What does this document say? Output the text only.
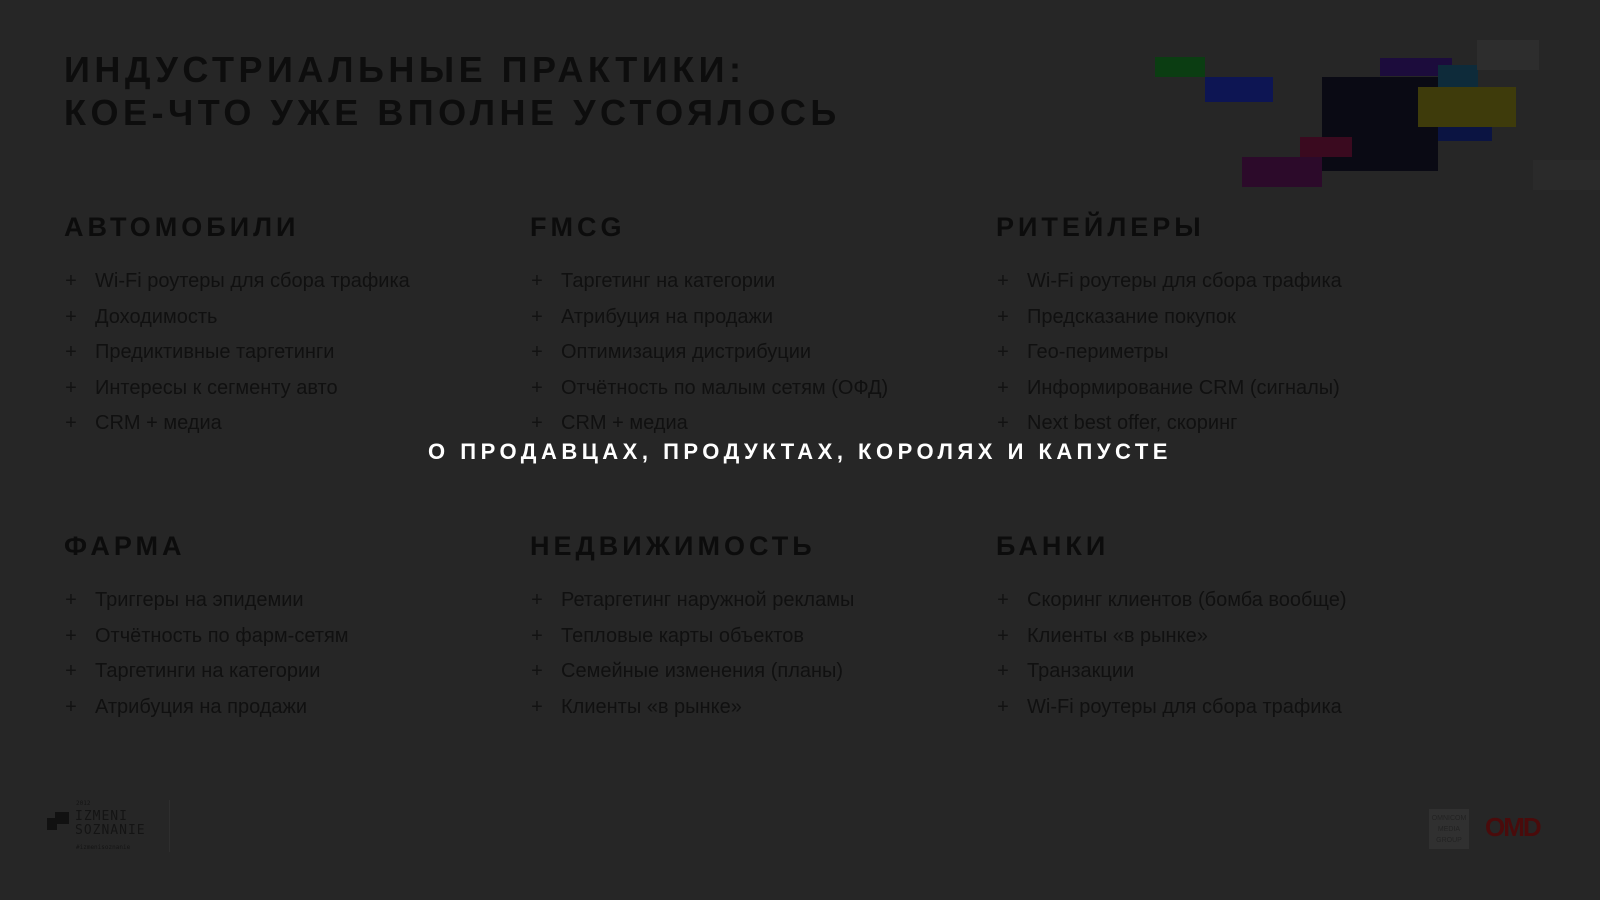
ИНДУСТРИАЛЬНЫЕ ПРАКТИКИ:
КОЕ-ЧТО УЖЕ ВПОЛНЕ УСТОЯЛОСЬ
АВТОМОБИЛИ
+ Wi-Fi роутеры для сбора трафика
+ Доходимость
+ Предиктивные таргетинги
+ Интересы к сегменту авто
+ CRM + медиа
FMCG
+ Таргетинг на категории
+ Атрибуция на продажи
+ Оптимизация дистрибуции
+ Отчётность по малым сетям (ОФД)
+ CRM + медиа
РИТЕЙЛЕРЫ
+ Wi-Fi роутеры для сбора трафика
+ Предсказание покупок
+ Гео-периметры
+ Информирование CRM (сигналы)
+ Next best offer, скоринг
ФАРМА
+ Триггеры на эпидемии
+ Отчётность по фарм-сетям
+ Таргетинги на категории
+ Атрибуция на продажи
НЕДВИЖИМОСТЬ
+ Ретаргетинг наружной рекламы
+ Тепловые карты объектов
+ Семейные изменения (планы)
+ Клиенты «в рынке»
БАНКИ
+ Скоринг клиентов (бомба вообще)
+ Клиенты «в рынке»
+ Транзакции
+ Wi-Fi роутеры для сбора трафика
О ПРОДАВЦАХ, ПРОДУКТАХ, КОРОЛЯХ И КАПУСТЕ
2012
IZMENI
SOZNANIE
#izmenisoznanie
OMNICOM MEDIA GROUP OMD
